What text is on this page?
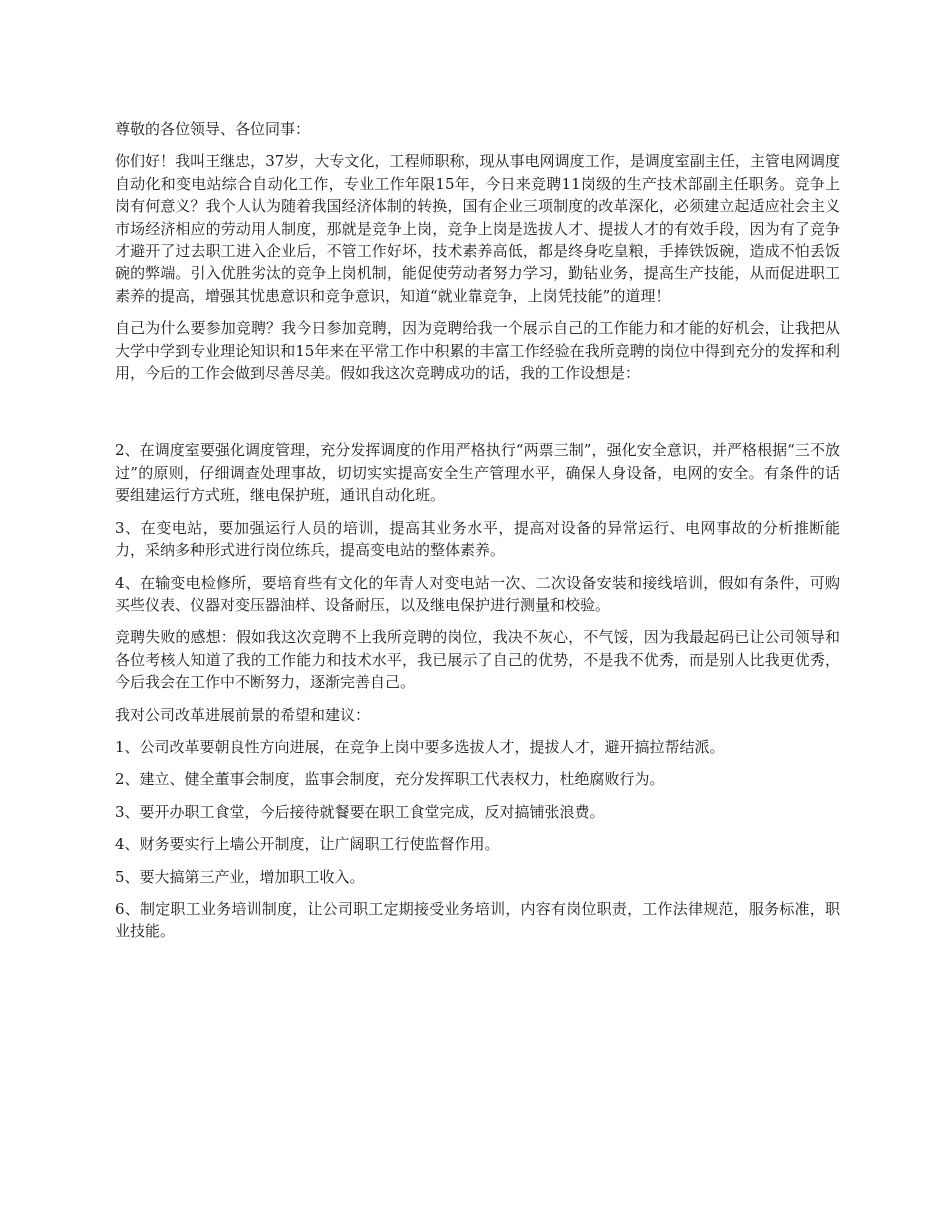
尊敬的各位领导、各位同事：

你们好！我叫王继忠，37岁，大专文化，工程师职称，现从事电网调度工作，是调度室副主任，主管电网调度自动化和变电站综合自动化工作，专业工作年限15年，今日来竞聘11岗级的生产技术部副主任职务。竞争上岗有何意义？我个人认为随着我国经济体制的转换，国有企业三项制度的改革深化，必须建立起适应社会主义市场经济相应的劳动用人制度，那就是竞争上岗，竞争上岗是选拔人才、提拔人才的有效手段，因为有了竞争才避开了过去职工进入企业后，不管工作好坏，技术素养高低，都是终身吃皇粮，手捧铁饭碗，造成不怕丢饭碗的弊端。引入优胜劣汰的竞争上岗机制，能促使劳动者努力学习，勤钻业务，提高生产技能，从而促进职工素养的提高，增强其忧患意识和竞争意识，知道“就业靠竞争，上岗凭技能”的道理！

自己为什么要参加竞聘？我今日参加竞聘，因为竞聘给我一个展示自己的工作能力和才能的好机会，让我把从大学中学到专业理论知识和15年来在平常工作中积累的丰富工作经验在我所竞聘的岗位中得到充分的发挥和利用，今后的工作会做到尽善尽美。假如我这次竞聘成功的话，我的工作设想是：

2、在调度室要强化调度管理，充分发挥调度的作用严格执行“两票三制”，强化安全意识，并严格根据“三不放过”的原则，仔细调查处理事故，切切实实提高安全生产管理水平，确保人身设备，电网的安全。有条件的话要组建运行方式班，继电保护班，通讯自动化班。

3、在变电站，要加强运行人员的培训，提高其业务水平，提高对设备的异常运行、电网事故的分析推断能力，采纳多种形式进行岗位练兵，提高变电站的整体素养。

4、在输变电检修所，要培育些有文化的年青人对变电站一次、二次设备安装和接线培训，假如有条件，可购买些仪表、仪器对变压器油样、设备耐压，以及继电保护进行测量和校验。

竞聘失败的感想：假如我这次竞聘不上我所竞聘的岗位，我决不灰心，不气馁，因为我最起码已让公司领导和各位考核人知道了我的工作能力和技术水平，我已展示了自己的优势，不是我不优秀，而是别人比我更优秀，今后我会在工作中不断努力，逐渐完善自己。

我对公司改革进展前景的希望和建议：

1、公司改革要朝良性方向进展，在竞争上岗中要多选拔人才，提拔人才，避开搞拉帮结派。

2、建立、健全董事会制度，监事会制度，充分发挥职工代表权力，杜绝腐败行为。

3、要开办职工食堂，今后接待就餐要在职工食堂完成，反对搞铺张浪费。

4、财务要实行上墙公开制度，让广阔职工行使监督作用。

5、要大搞第三产业，增加职工收入。

6、制定职工业务培训制度，让公司职工定期接受业务培训，内容有岗位职责，工作法律规范，服务标准，职业技能。
